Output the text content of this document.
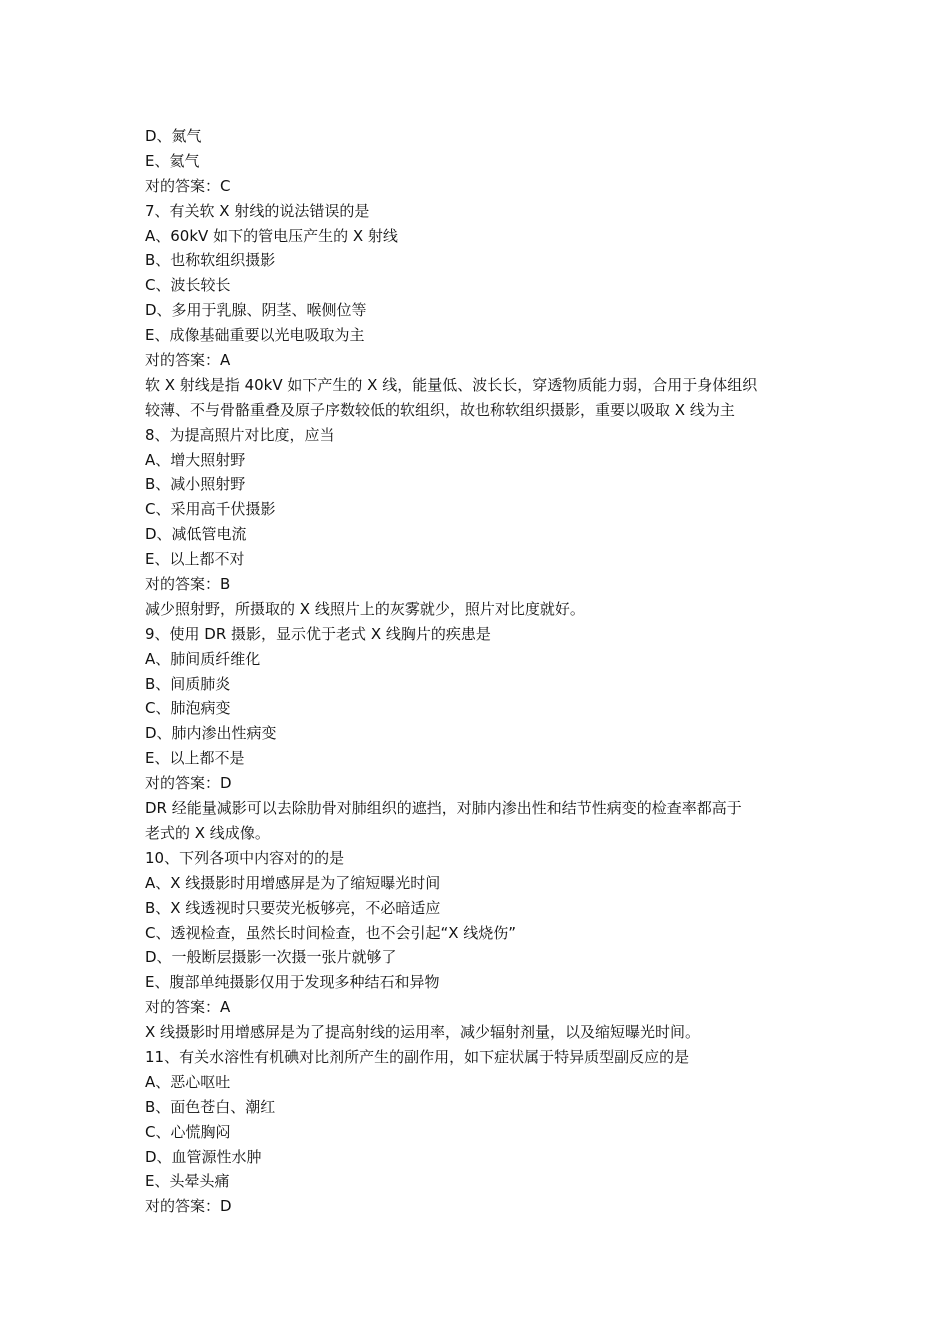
D、氮气
E、氦气
对的答案：C
7、有关软 X 射线的说法错误的是
A、60kV 如下的管电压产生的 X 射线
B、也称软组织摄影
C、波长较长
D、多用于乳腺、阴茎、喉侧位等
E、成像基础重要以光电吸取为主
对的答案：A
软 X 射线是指 40kV 如下产生的 X 线，能量低、波长长，穿透物质能力弱，合用于身体组织
较薄、不与骨骼重叠及原子序数较低的软组织，故也称软组织摄影，重要以吸取 X 线为主
8、为提高照片对比度，应当
A、增大照射野
B、减小照射野
C、采用高千伏摄影
D、减低管电流
E、以上都不对
对的答案：B
减少照射野，所摄取的 X 线照片上的灰雾就少，照片对比度就好。
9、使用 DR 摄影，显示优于老式 X 线胸片的疾患是
A、肺间质纤维化
B、间质肺炎
C、肺泡病变
D、肺内渗出性病变
E、以上都不是
对的答案：D
DR 经能量减影可以去除肋骨对肺组织的遮挡，对肺内渗出性和结节性病变的检查率都高于
老式的 X 线成像。
10、下列各项中内容对的的是
A、X 线摄影时用增感屏是为了缩短曝光时间
B、X 线透视时只要荧光板够亮，不必暗适应
C、透视检查，虽然长时间检查，也不会引起“X 线烧伤”
D、一般断层摄影一次摄一张片就够了
E、腹部单纯摄影仅用于发现多种结石和异物
对的答案：A
X 线摄影时用增感屏是为了提高射线的运用率，减少辐射剂量，以及缩短曝光时间。
11、有关水溶性有机碘对比剂所产生的副作用，如下症状属于特异质型副反应的是
A、恶心呕吐
B、面色苍白、潮红
C、心慌胸闷
D、血管源性水肿
E、头晕头痛
对的答案：D
